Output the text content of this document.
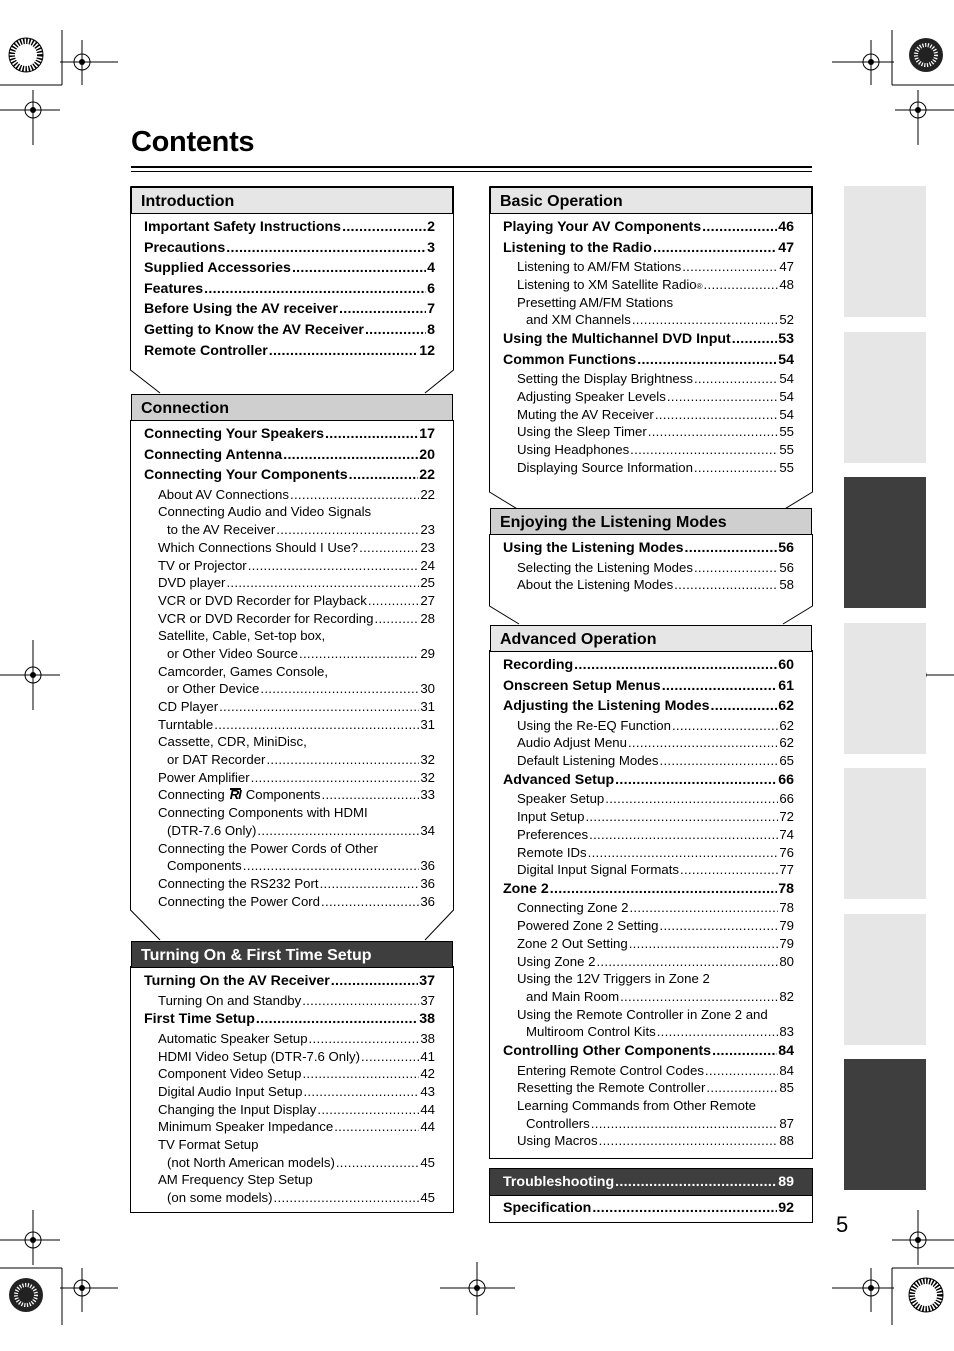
Contents
Introduction
Important Safety Instructions .....	2
Precautions .....	3
Supplied Accessories .....	4
Features .....	6
Before Using the AV receiver .....	7
Getting to Know the AV Receiver .....	8
Remote Controller .....	12
Connection
Connecting Your Speakers .....	17
Connecting Antenna .....	20
Connecting Your Components .....	22
About AV Connections .....	22
Connecting Audio and Video Signals
to the AV Receiver .....	23
Which Connections Should I Use? .....	23
TV or Projector .....	24
DVD player .....	25
VCR or DVD Recorder for Playback .....	27
VCR or DVD Recorder for Recording .....	28
Satellite, Cable, Set-top box,
or Other Video Source .....	29
Camcorder, Games Console,
or Other Device .....	30
CD Player .....	31
Turntable .....	31
Cassette, CDR, MiniDisc,
or DAT Recorder .....	32
Power Amplifier .....	32
Connecting RI Components .....	33
Connecting Components with HDMI
(DTR-7.6 Only) .....	34
Connecting the Power Cords of Other
Components .....	36
Connecting the RS232 Port .....	36
Connecting the Power Cord .....	36
Turning On & First Time Setup
Turning On the AV Receiver .....	37
Turning On and Standby .....	37
First Time Setup .....	38
Automatic Speaker Setup .....	38
HDMI Video Setup (DTR-7.6 Only) .....	41
Component Video Setup .....	42
Digital Audio Input Setup .....	43
Changing the Input Display .....	44
Minimum Speaker Impedance .....	44
TV Format Setup
(not North American models) .....	45
AM Frequency Step Setup
(on some models) .....	45
Basic Operation
Playing Your AV Components .....	46
Listening to the Radio .....	47
Listening to AM/FM Stations .....	47
Listening to XM Satellite Radio ® .....	48
Presetting AM/FM Stations
and XM Channels .....	52
Using the Multichannel DVD Input .....	53
Common Functions .....	54
Setting the Display Brightness .....	54
Adjusting Speaker Levels .....	54
Muting the AV Receiver .....	54
Using the Sleep Timer .....	55
Using Headphones .....	55
Displaying Source Information .....	55
Enjoying the Listening Modes
Using the Listening Modes .....	56
Selecting the Listening Modes .....	56
About the Listening Modes .....	58
Advanced Operation
Recording .....	60
Onscreen Setup Menus .....	61
Adjusting the Listening Modes .....	62
Using the Re-EQ Function .....	62
Audio Adjust Menu .....	62
Default Listening Modes .....	65
Advanced Setup .....	66
Speaker Setup .....	66
Input Setup .....	72
Preferences .....	74
Remote IDs .....	76
Digital Input Signal Formats .....	77
Zone 2 .....	78
Connecting Zone 2 .....	78
Powered Zone 2 Setting .....	79
Zone 2 Out Setting .....	79
Using Zone 2 .....	80
Using the 12V Triggers in Zone 2
and Main Room .....	82
Using the Remote Controller in Zone 2 and
Multiroom Control Kits .....	83
Controlling Other Components .....	84
Entering Remote Control Codes .....	84
Resetting the Remote Controller .....	85
Learning Commands from Other Remote
Controllers .....	87
Using Macros .....	88
Troubleshooting .....	89
Specification .....	92
5
